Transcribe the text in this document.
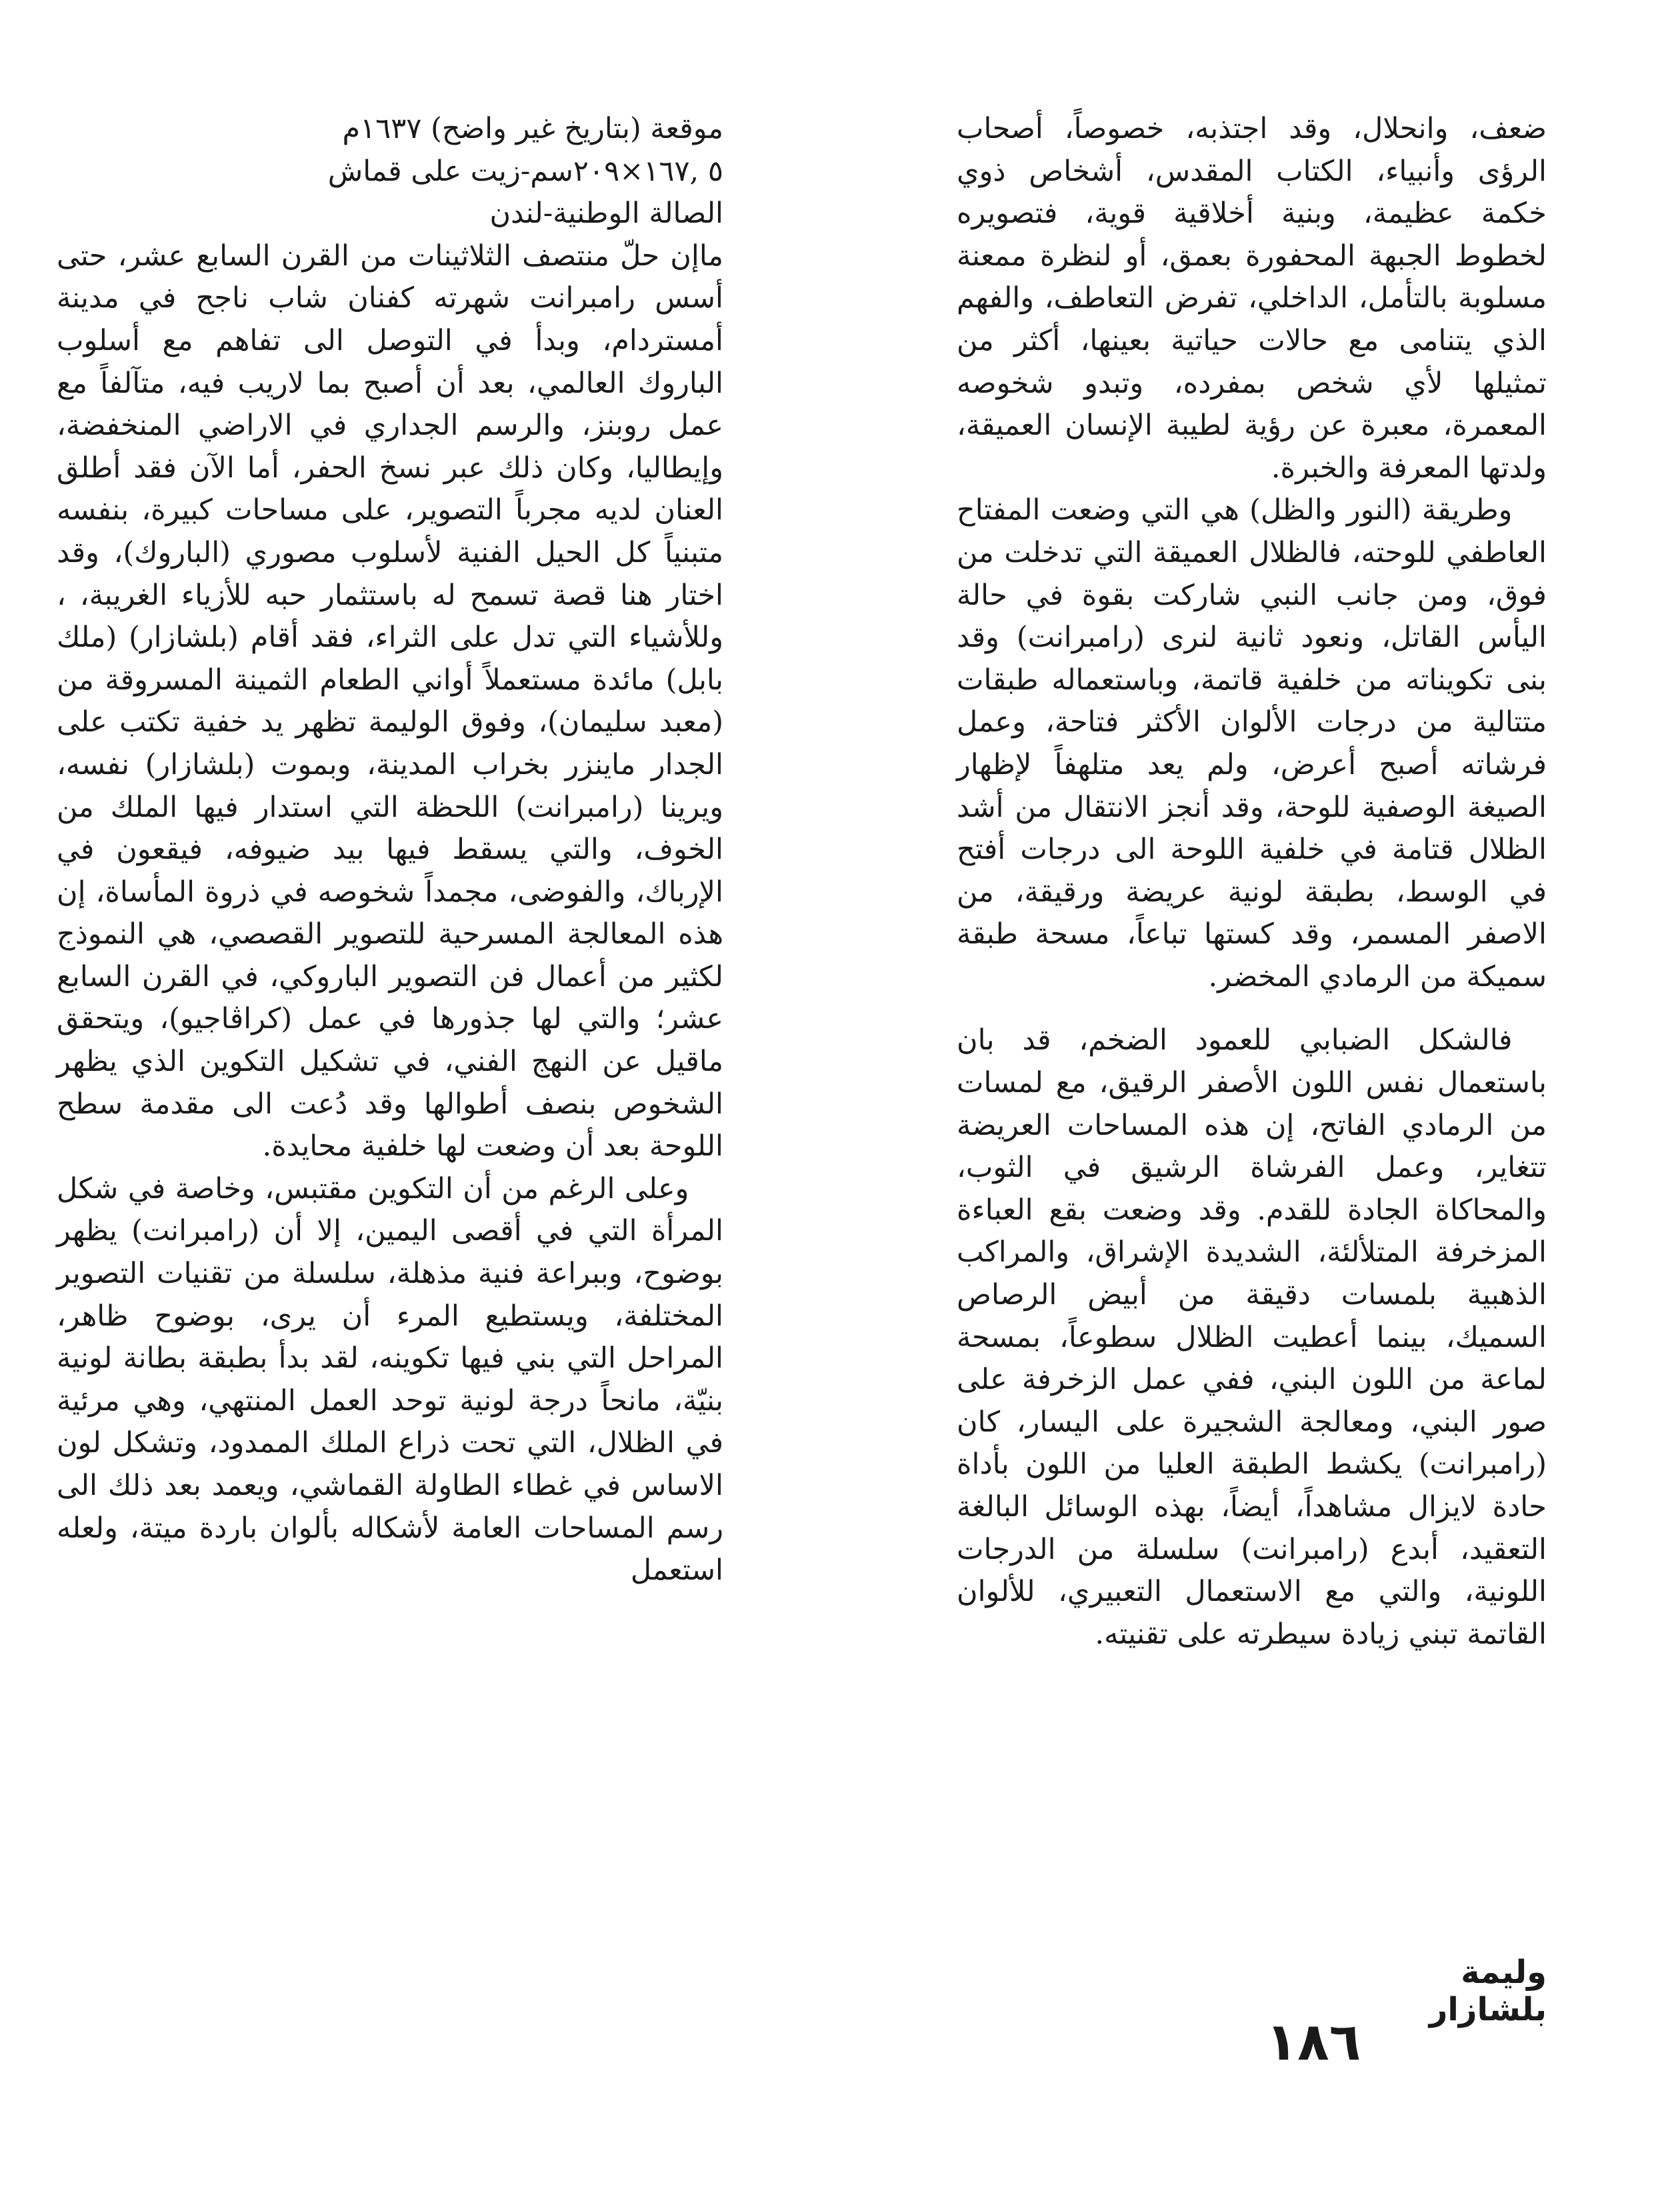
ضعف، وانحلال، وقد اجتذبه، خصوصاً، أصحاب الرؤى وأنبياء، الكتاب المقدس، أشخاص ذوي خكمة عظيمة، وبنية أخلاقية قوية، فتصويره لخطوط الجبهة المحفورة بعمق، أو لنظرة ممعنة مسلوبة بالتأمل، الداخلي، تفرض التعاطف، والفهم الذي يتنامى مع حالات حياتية بعينها، أكثر من تمثيلها لأي شخص بمفرده، وتبدو شخوصه المعمرة، معبرة عن رؤية لطيبة الإنسان العميقة، ولدتها المعرفة والخبرة.

وطريقة (النور والظل) هي التي وضعت المفتاح العاطفي للوحته، فالظلال العميقة التي تدخلت من فوق، ومن جانب النبي شاركت بقوة في حالة اليأس القاتل، ونعود ثانية لنرى (رامبرانت) وقد بنى تكويناته من خلفية قاتمة، وباستعماله طبقات متتالية من درجات الألوان الأكثر فتاحة، وعمل فرشاته أصبح أعرض، ولم يعد متلهفاً لإظهار الصيغة الوصفية للوحة، وقد أنجز الانتقال من أشد الظلال قتامة في خلفية اللوحة الى درجات أفتح في الوسط، بطبقة لونية عريضة ورقيقة، من الاصفر المسمر، وقد كستها تباعاً، مسحة طبقة سميكة من الرمادي المخضر.

فالشكل الضبابي للعمود الضخم، قد بان باستعمال نفس اللون الأصفر الرقيق، مع لمسات من الرمادي الفاتح، إن هذه المساحات العريضة تتغاير، وعمل الفرشاة الرشيق في الثوب، والمحاكاة الجادة للقدم. وقد وضعت بقع العباءة المزخرفة المتلألئة، الشديدة الإشراق، والمراكب الذهبية بلمسات دقيقة من أبيض الرصاص السميك، بينما أعطيت الظلال سطوعاً، بمسحة لماعة من اللون البني، ففي عمل الزخرفة على صور البني، ومعالجة الشجيرة على اليسار، كان (رامبرانت) يكشط الطبقة العليا من اللون بأداة حادة لايزال مشاهداً، أيضاً، بهذه الوسائل البالغة التعقيد، أبدع (رامبرانت) سلسلة من الدرجات اللونية، والتي مع الاستعمال التعبيري، للألوان القاتمة تبني زيادة سيطرته على تقنيته.

موقعة (بتاريخ غير واضح) ١٦٣٧م
٥ ,١٦٧×٢٠٩سم-زيت على قماش
الصالة الوطنية-لندن

ماإن حلّ منتصف الثلاثينات من القرن السابع عشر، حتى أسس رامبرانت شهرته كفنان شاب ناجح في مدينة أمستردام، وبدأ في التوصل الى تفاهم مع أسلوب الباروك العالمي، بعد أن أصبح بما لاريب فيه، متآلفاً مع عمل روبنز، والرسم الجداري في الاراضي المنخفضة، وإيطاليا، وكان ذلك عبر نسخ الحفر، أما الآن فقد أطلق العنان لديه مجرباً التصوير، على مساحات كبيرة، بنفسه متبنياً كل الحيل الفنية لأسلوب مصوري (الباروك)، وقد اختار هنا قصة تسمح له باستثمار حبه للأزياء الغريبة، ، وللأشياء التي تدل على الثراء، فقد أقام (بلشازار) (ملك بابل) مائدة مستعملاً أواني الطعام الثمينة المسروقة من (معبد سليمان)، وفوق الوليمة تظهر يد خفية تكتب على الجدار ماينزر بخراب المدينة، وبموت (بلشازار) نفسه، ويرينا (رامبرانت) اللحظة التي استدار فيها الملك من الخوف، والتي يسقط فيها بيد ضيوفه، فيقعون في الإرباك، والفوضى، مجمداً شخوصه في ذروة المأساة، إن هذه المعالجة المسرحية للتصوير القصصي، هي النموذج لكثير من أعمال فن التصوير الباروكي، في القرن السابع عشر؛ والتي لها جذورها في عمل (كراڤاجيو)، ويتحقق ماقيل عن النهج الفني، في تشكيل التكوين الذي يظهر الشخوص بنصف أطوالها وقد دُعت الى مقدمة سطح اللوحة بعد أن وضعت لها خلفية محايدة.

وعلى الرغم من أن التكوين مقتبس، وخاصة في شكل المرأة التي في أقصى اليمين، إلا أن (رامبرانت) يظهر بوضوح، وببراعة فنية مذهلة، سلسلة من تقنيات التصوير المختلفة، ويستطيع المرء أن يرى، بوضوح ظاهر، المراحل التي بني فيها تكوينه، لقد بدأ بطبقة بطانة لونية بنيّة، مانحاً درجة لونية توحد العمل المنتهي، وهي مرئية في الظلال، التي تحت ذراع الملك الممدود، وتشكل لون الاساس في غطاء الطاولة القماشي، ويعمد بعد ذلك الى رسم المساحات العامة لأشكاله بألوان باردة ميتة، ولعله استعمل

وليمة بلشازار
١٨٦
